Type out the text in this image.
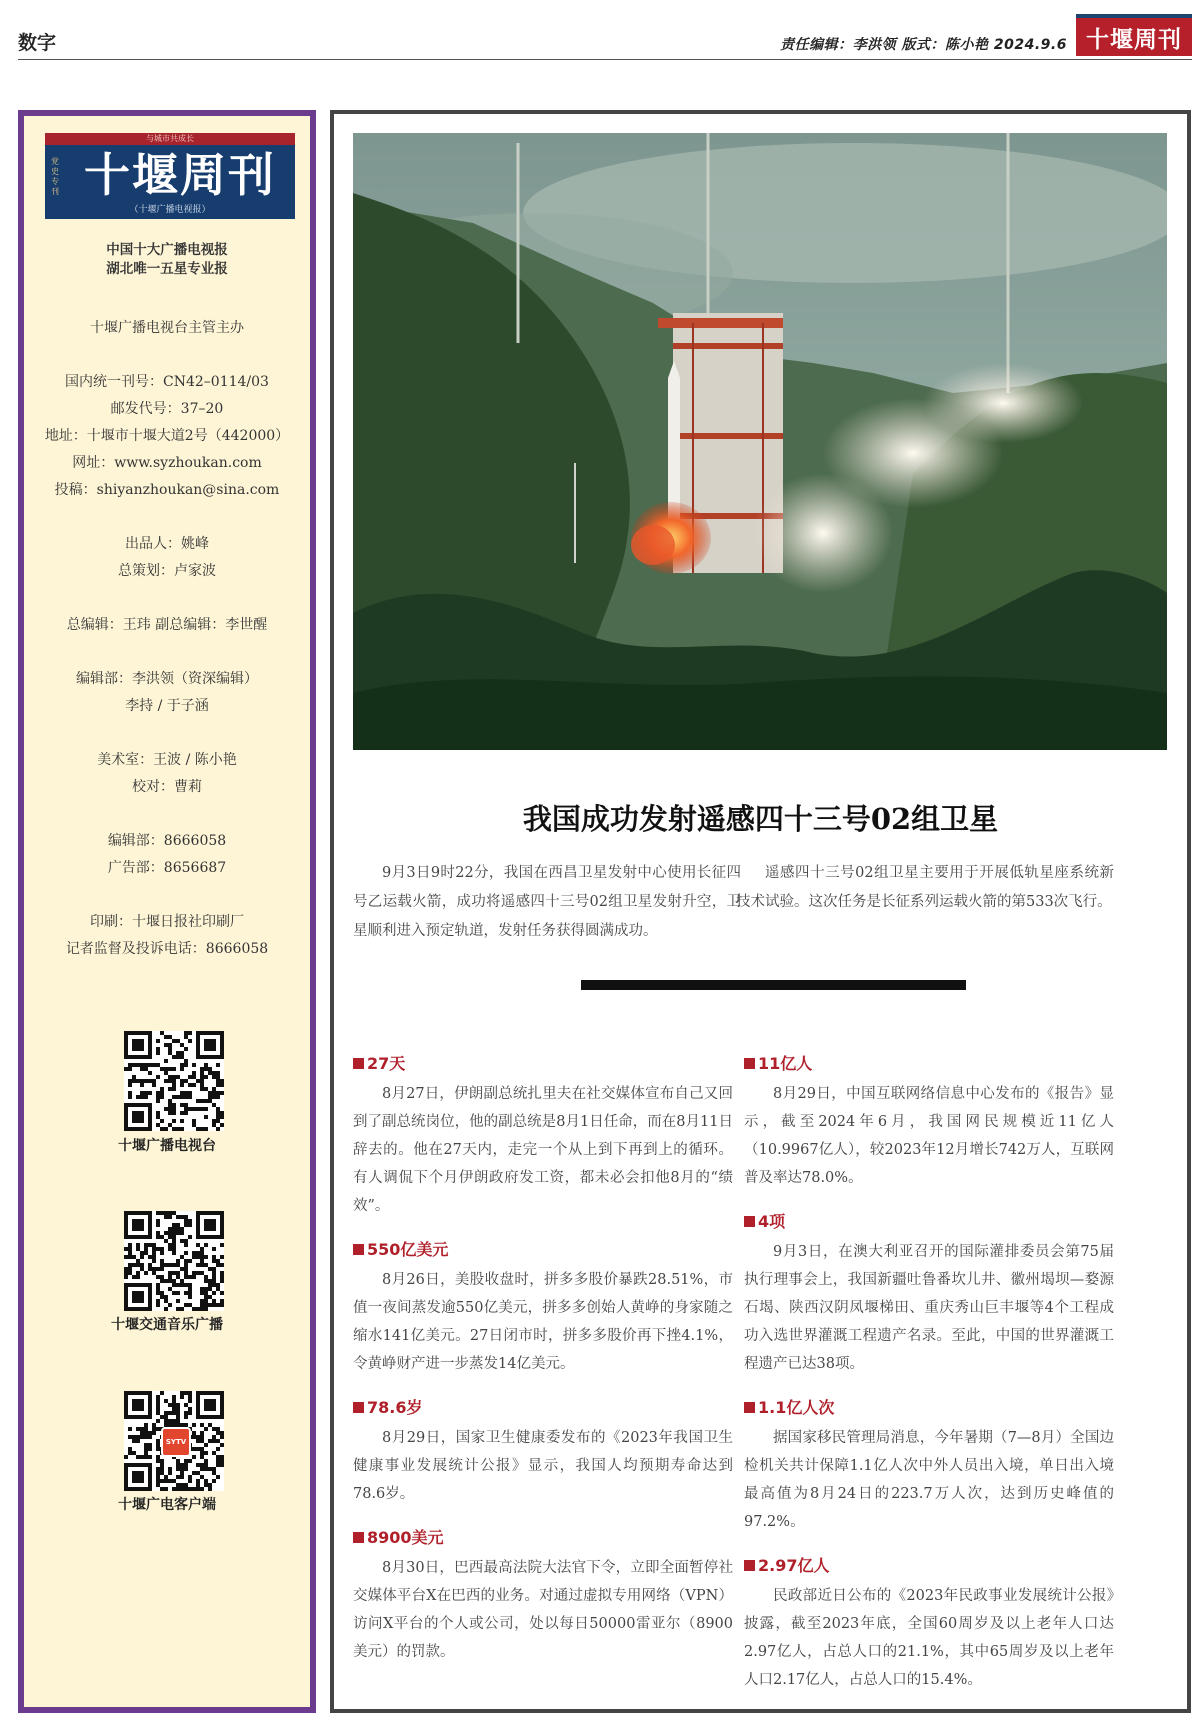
数字	责任编辑：李洪领 版式：陈小艳 2024.9.6 十堰周刊
与城市共成长
党史专刊 十堰周刊
（十堰广播电视报）
中国十大广播电视报
湖北唯一五星专业报
十堰广播电视台主管主办
国内统一刊号：CN42–0114/03
邮发代号：37–20
地址：十堰市十堰大道2号（442000）
网址：www.syzhoukan.com
投稿：shiyanzhoukan@sina.com
出品人：姚峰
总策划：卢家波
总编辑：王玮 副总编辑：李世醒
编辑部：李洪领（资深编辑）
李持 / 于子涵
美术室：王波 / 陈小艳
校对：曹莉
编辑部：8666058
广告部：8656687
印刷：十堰日报社印刷厂
记者监督及投诉电话：8666058
十堰广播电视台
十堰交通音乐广播
SYTV
十堰广电客户端
我国成功发射遥感四十三号02组卫星
9月3日9时22分，我国在西昌卫星发射中心使用长征四号乙运载火箭，成功将遥感四十三号02组卫星发射升空，卫星顺利进入预定轨道，发射任务获得圆满成功。
遥感四十三号02组卫星主要用于开展低轨星座系统新技术试验。这次任务是长征系列运载火箭的第533次飞行。
27天
8月27日，伊朗副总统扎里夫在社交媒体宣布自己又回到了副总统岗位，他的副总统是8月1日任命，而在8月11日辞去的。他在27天内，走完一个从上到下再到上的循环。有人调侃下个月伊朗政府发工资，都未必会扣他8月的“绩效”。
550亿美元
8月26日，美股收盘时，拼多多股价暴跌28.51%，市值一夜间蒸发逾550亿美元，拼多多创始人黄峥的身家随之缩水141亿美元。27日闭市时，拼多多股价再下挫4.1%，令黄峥财产进一步蒸发14亿美元。
78.6岁
8月29日，国家卫生健康委发布的《2023年我国卫生健康事业发展统计公报》显示，我国人均预期寿命达到78.6岁。
8900美元
8月30日，巴西最高法院大法官下令，立即全面暂停社交媒体平台X在巴西的业务。对通过虚拟专用网络（VPN）访问X平台的个人或公司，处以每日50000雷亚尔（8900美元）的罚款。
11亿人
8月29日，中国互联网络信息中心发布的《报告》显示，截至2024年6月，我国网民规模近11亿人（10.9967亿人），较2023年12月增长742万人，互联网普及率达78.0%。
4项
9月3日，在澳大利亚召开的国际灌排委员会第75届执行理事会上，我国新疆吐鲁番坎儿井、徽州堨坝—婺源石堨、陕西汉阴凤堰梯田、重庆秀山巨丰堰等4个工程成功入选世界灌溉工程遗产名录。至此，中国的世界灌溉工程遗产已达38项。
1.1亿人次
据国家移民管理局消息，今年暑期（7—8月）全国边检机关共计保障1.1亿人次中外人员出入境，单日出入境最高值为8月24日的223.7万人次，达到历史峰值的97.2%。
2.97亿人
民政部近日公布的《2023年民政事业发展统计公报》披露，截至2023年底，全国60周岁及以上老年人口达2.97亿人，占总人口的21.1%，其中65周岁及以上老年人口2.17亿人，占总人口的15.4%。
